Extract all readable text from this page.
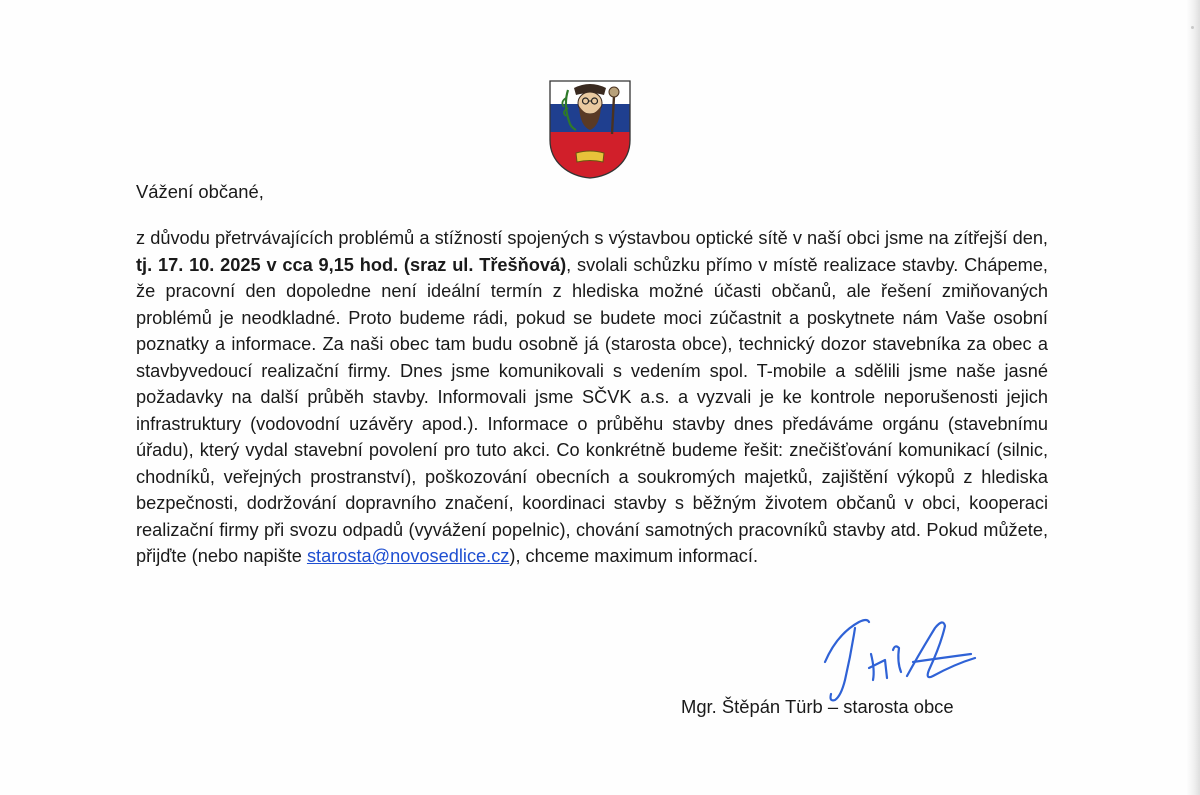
Vážení občané,

z důvodu přetrvávajících problémů a stížností spojených s výstavbou optické sítě v naší obci jsme na zítřejší den, tj. 17. 10. 2025 v cca 9,15 hod. (sraz ul. Třešňová), svolali schůzku přímo v místě realizace stavby. Chápeme, že pracovní den dopoledne není ideální termín z hlediska možné účasti občanů, ale řešení zmiňovaných problémů je neodkladné. Proto budeme rádi, pokud se budete moci zúčastnit a poskytnete nám Vaše osobní poznatky a informace. Za naši obec tam budu osobně já (starosta obce), technický dozor stavebníka za obec a stavbyvedoucí realizační firmy. Dnes jsme komunikovali s vedením spol. T-mobile a sdělili jsme naše jasné požadavky na další průběh stavby. Informovali jsme SČVK a.s. a vyzvali je ke kontrole neporušenosti jejich infrastruktury (vodovodní uzávěry apod.). Informace o průběhu stavby dnes předáváme orgánu (stavebnímu úřadu), který vydal stavební povolení pro tuto akci. Co konkrétně budeme řešit: znečišťování komunikací (silnic, chodníků, veřejných prostranství), poškozování obecních a soukromých majetků, zajištění výkopů z hlediska bezpečnosti, dodržování dopravního značení, koordinaci stavby s běžným životem občanů v obci, kooperaci realizační firmy při svozu odpadů (vyvážení popelnic), chování samotných pracovníků stavby atd. Pokud můžete, přijďte (nebo napište starosta@novosedlice.cz), chceme maximum informací.

Mgr. Štěpán Türb – starosta obce
